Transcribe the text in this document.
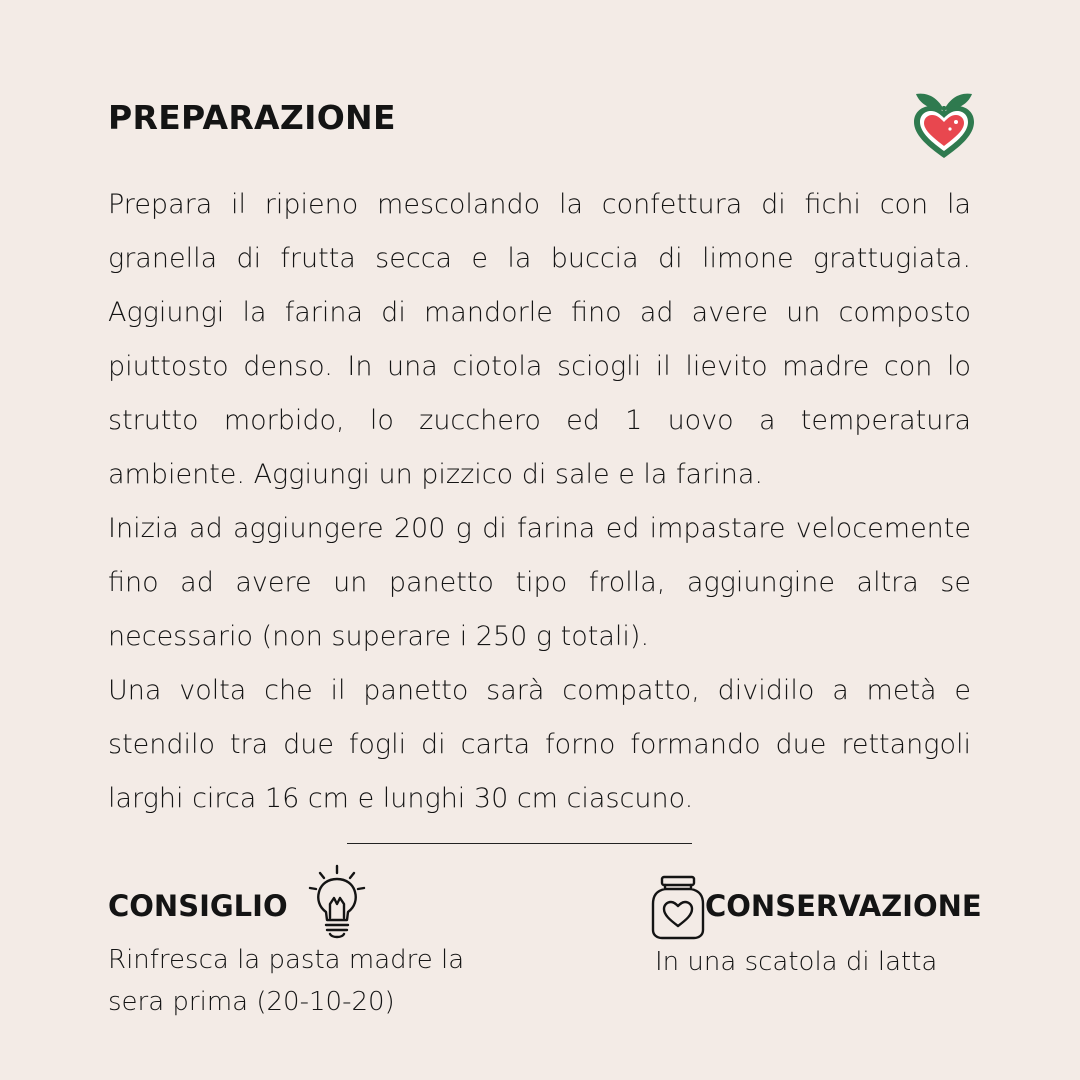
PREPARAZIONE

Prepara il ripieno mescolando la confettura di fichi con la granella di frutta secca e la buccia di limone grattugiata. Aggiungi la farina di mandorle fino ad avere un composto piuttosto denso. In una ciotola sciogli il lievito madre con lo strutto morbido, lo zucchero ed 1 uovo a temperatura ambiente. Aggiungi un pizzico di sale e la farina.

Inizia ad aggiungere 200 g di farina ed impastare velocemente fino ad avere un panetto tipo frolla, aggiungine altra se necessario (non superare i 250 g totali).

Una volta che il panetto sarà compatto, dividilo a metà e stendilo tra due fogli di carta forno formando due rettangoli larghi circa 16 cm e lunghi 30 cm ciascuno.

CONSIGLIO

Rinfresca la pasta madre la sera prima (20-10-20)

CONSERVAZIONE

In una scatola di latta
